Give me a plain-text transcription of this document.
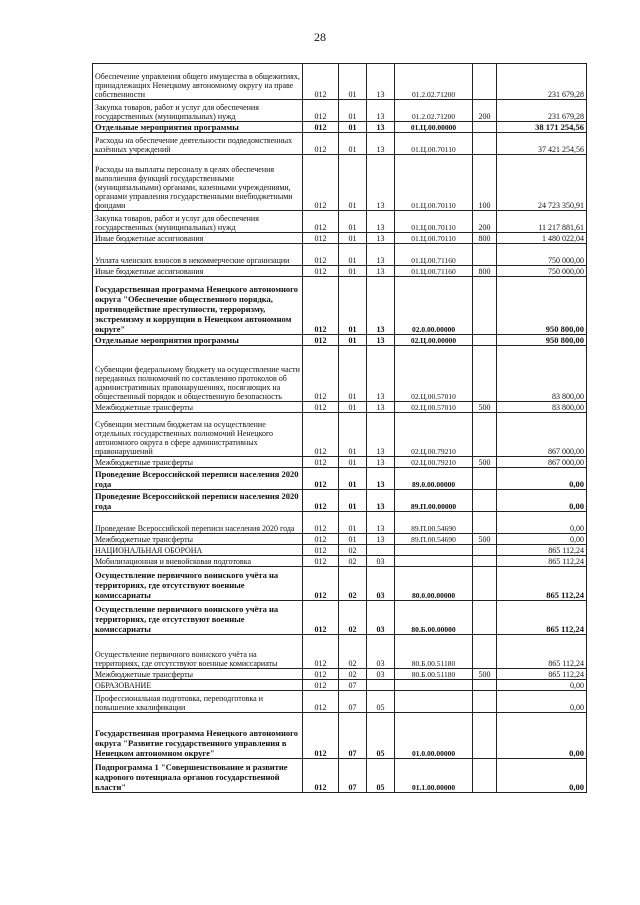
28
Обеспечение управления общего имущества в общежитиях, принадлежащих Ненецкому автономному округу на праве собственности	012	01	13	01.2.02.71200		231 679,28
Закупка товаров, работ и услуг для обеспечения государственных (муниципальных) нужд	012	01	13	01.2.02.71200	200	231 679,28
Отдельные мероприятия программы	012	01	13	01.Ц.00.00000		38 171 254,56
Расходы на обеспечение деятельности подведомственных казённых учреждений	012	01	13	01.Ц.00.70110		37 421 254,56
Расходы на выплаты персоналу в целях обеспечения выполнения функций государственными (муниципальными) органами, казенными учреждениями, органами управления государственными внебюджетными фондами	012	01	13	01.Ц.00.70110	100	24 723 350,91
Закупка товаров, работ и услуг для обеспечения государственных (муниципальных) нужд	012	01	13	01.Ц.00.70110	200	11 217 881,61
Иные бюджетные ассигнования	012	01	13	01.Ц.00.70110	800	1 480 022,04
Уплата членских взносов в некоммерческие организации	012	01	13	01.Ц.00.71160		750 000,00
Иные бюджетные ассигнования	012	01	13	01.Ц.00.71160	800	750 000,00
Государственная программа Ненецкого автономного округа "Обеспечение общественного порядка, противодействие преступности, терроризму, экстремизму и коррупции в Ненецком автономном округе"	012	01	13	02.0.00.00000		950 800,00
Отдельные мероприятия программы	012	01	13	02.Ц.00.00000		950 800,00
Субвенции федеральному бюджету на осуществление части переданных полномочий по составлению протоколов об административных правонарушениях, посягающих на общественный порядок и общественную безопасность	012	01	13	02.Ц.00.57010		83 800,00
Межбюджетные трансферты	012	01	13	02.Ц.00.57010	500	83 800,00
Субвенции местным бюджетам на осуществление отдельных государственных полномочий Ненецкого автономного округа в сфере административных правонарушений	012	01	13	02.Ц.00.79210		867 000,00
Межбюджетные трансферты	012	01	13	02.Ц.00.79210	500	867 000,00
Проведение Всероссийской переписи населения 2020 года	012	01	13	89.0.00.00000		0,00
Проведение Всероссийской переписи населения 2020 года	012	01	13	89.П.00.00000		0,00
Проведение Всероссийской переписи населения 2020 года	012	01	13	89.П.00.54690		0,00
Межбюджетные трансферты	012	01	13	89.П.00.54690	500	0,00
НАЦИОНАЛЬНАЯ ОБОРОНА	012	02				865 112,24
Мобилизационная и вневойсковая подготовка	012	02	03			865 112,24
Осуществление первичного воинского учёта на территориях, где отсутствуют военные комиссариаты	012	02	03	80.0.00.00000		865 112,24
Осуществление первичного воинского учёта на территориях, где отсутствуют военные комиссариаты	012	02	03	80.Б.00.00000		865 112,24
Осуществление первичного воинского учёта на территориях, где отсутствуют военные комиссариаты	012	02	03	80.Б.00.51180		865 112,24
Межбюджетные трансферты	012	02	03	80.Б.00.51180	500	865 112,24
ОБРАЗОВАНИЕ	012	07				0,00
Профессиональная подготовка, переподготовка и повышение квалификации	012	07	05			0,00
Государственная программа Ненецкого автономного округа "Развитие государственного управления в Ненецком автономном округе"	012	07	05	01.0.00.00000		0,00
Подпрограмма 1 "Совершенствование и развитие кадрового потенциала органов государственной власти"	012	07	05	01.1.00.00000		0,00
